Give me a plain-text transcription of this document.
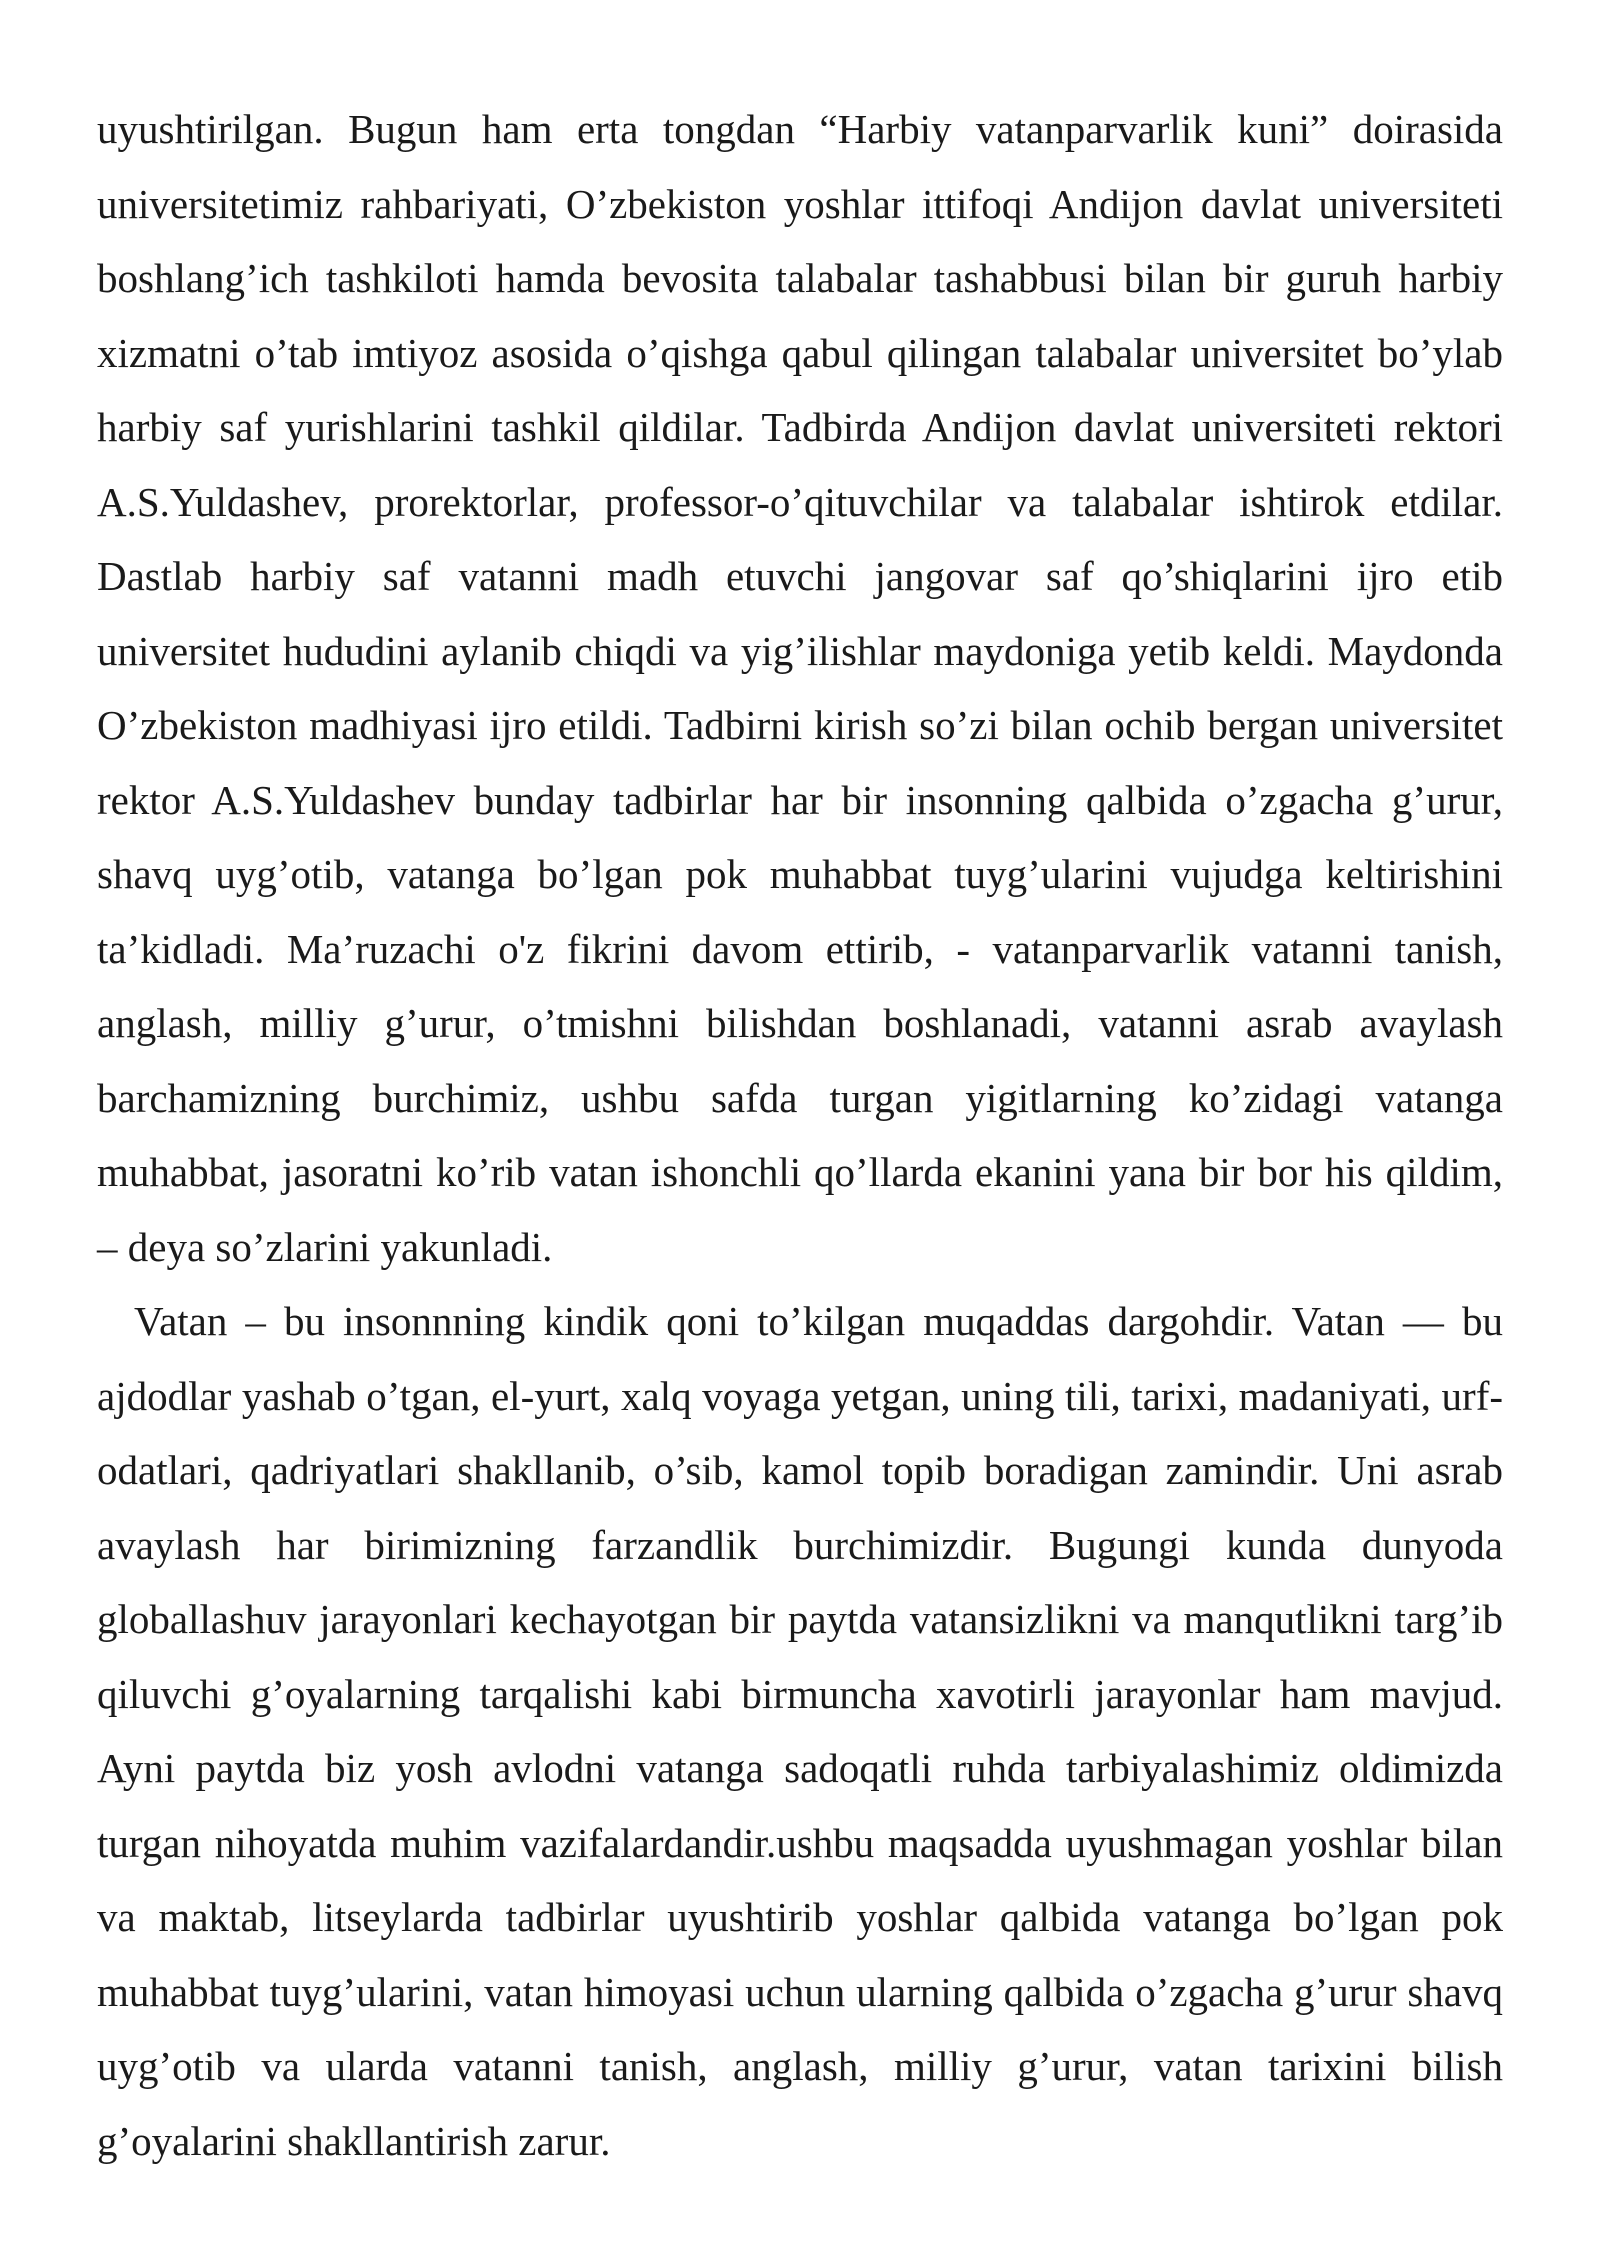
uyushtirilgan. Bugun ham erta tongdan “Harbiy vatanparvarlik kuni” doirasida universitetimiz rahbariyati, O’zbekiston yoshlar ittifoqi Andijon davlat universiteti boshlang’ich tashkiloti hamda bevosita talabalar tashabbusi bilan bir guruh harbiy xizmatni o’tab imtiyoz asosida o’qishga qabul qilingan talabalar universitet bo’ylab harbiy saf yurishlarini tashkil qildilar. Tadbirda Andijon davlat universiteti rektori A.S.Yuldashev, prorektorlar, professor-o’qituvchilar va talabalar ishtirok etdilar. Dastlab harbiy saf vatanni madh etuvchi jangovar saf qo’shiqlarini ijro etib universitet hududini aylanib chiqdi va yig’ilishlar maydoniga yetib keldi. Maydonda O’zbekiston madhiyasi ijro etildi. Tadbirni kirish so’zi bilan ochib bergan universitet rektor A.S.Yuldashev bunday tadbirlar har bir insonning qalbida o’zgacha g’urur, shavq uyg’otib, vatanga bo’lgan pok muhabbat tuyg’ularini vujudga keltirishini ta’kidladi. Ma’ruzachi o'z fikrini davom ettirib, - vatanparvarlik vatanni tanish, anglash, milliy g’urur, o’tmishni bilishdan boshlanadi, vatanni asrab avaylash barchamizning burchimiz, ushbu safda turgan yigitlarning ko’zidagi vatanga muhabbat, jasoratni ko’rib vatan ishonchli qo’llarda ekanini yana bir bor his qildim, – deya so’zlarini yakunladi.

Vatan – bu insonnning kindik qoni to’kilgan muqaddas dargohdir. Vatan — bu ajdodlar yashab o’tgan, el-yurt, xalq voyaga yetgan, uning tili, tarixi, madaniyati, urf-odatlari, qadriyatlari shakllanib, o’sib, kamol topib boradigan zamindir. Uni asrab avaylash har birimizning farzandlik burchimizdir. Bugungi kunda dunyoda globallashuv jarayonlari kechayotgan bir paytda vatansizlikni va manqutlikni targ’ib qiluvchi g’oyalarning tarqalishi kabi birmuncha xavotirli jarayonlar ham mavjud. Ayni paytda biz yosh avlodni vatanga sadoqatli ruhda tarbiyalashimiz oldimizda turgan nihoyatda muhim vazifalardandir.ushbu maqsadda uyushmagan yoshlar bilan va maktab, litseylarda tadbirlar uyushtirib yoshlar qalbida vatanga bo’lgan pok muhabbat tuyg’ularini, vatan himoyasi uchun ularning qalbida o’zgacha g’urur shavq uyg’otib va ularda vatanni tanish, anglash, milliy g’urur, vatan tarixini bilish g’oyalarini shakllantirish zarur.
